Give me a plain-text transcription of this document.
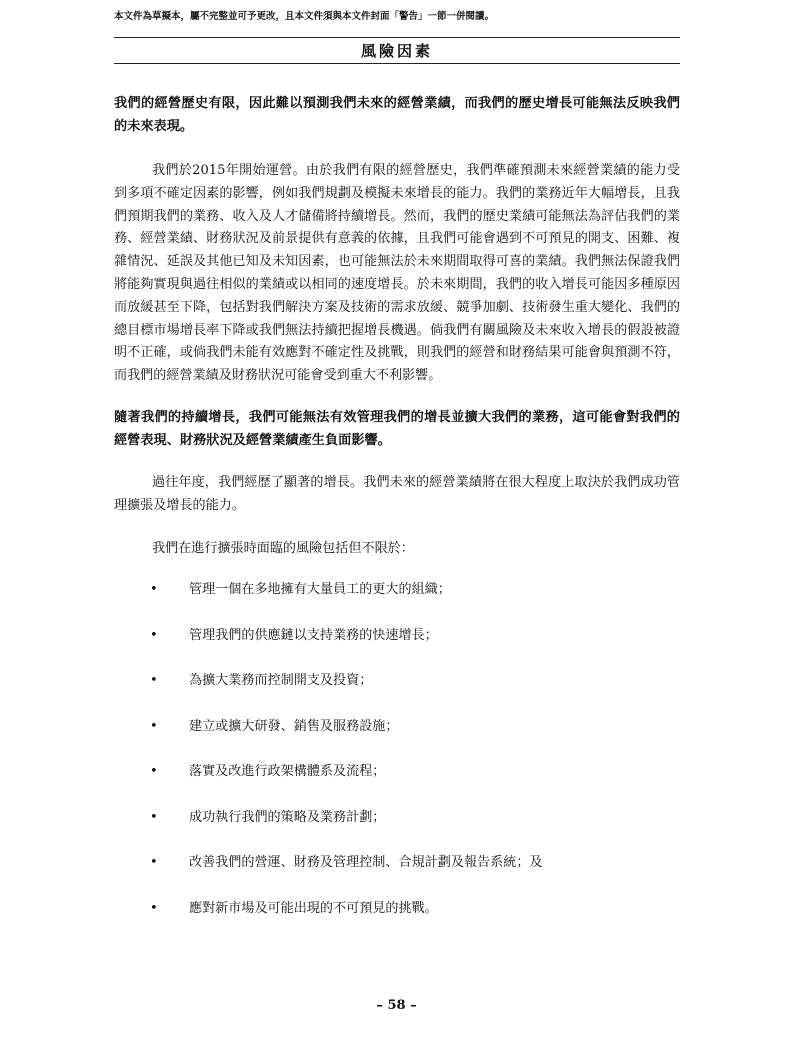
本文件為草擬本，屬不完整並可予更改，且本文件須與本文件封面「警告」一節一併閱讀。
風險因素

我們的經營歷史有限，因此難以預測我們未來的經營業績，而我們的歷史增長可能無法反映我們的未來表現。

我們於2015年開始運營。由於我們有限的經營歷史，我們準確預測未來經營業績的能力受到多項不確定因素的影響，例如我們規劃及模擬未來增長的能力。我們的業務近年大幅增長，且我們預期我們的業務、收入及人才儲備將持續增長。然而，我們的歷史業績可能無法為評估我們的業務、經營業績、財務狀況及前景提供有意義的依據，且我們可能會遇到不可預見的開支、困難、複雜情況、延誤及其他已知及未知因素，也可能無法於未來期間取得可喜的業績。我們無法保證我們將能夠實現與過往相似的業績或以相同的速度增長。於未來期間，我們的收入增長可能因多種原因而放緩甚至下降，包括對我們解決方案及技術的需求放緩、競爭加劇、技術發生重大變化、我們的總目標市場增長率下降或我們無法持續把握增長機遇。倘我們有關風險及未來收入增長的假設被證明不正確，或倘我們未能有效應對不確定性及挑戰，則我們的經營和財務結果可能會與預測不符，而我們的經營業績及財務狀況可能會受到重大不利影響。

隨著我們的持續增長，我們可能無法有效管理我們的增長並擴大我們的業務，這可能會對我們的經營表現、財務狀況及經營業績產生負面影響。

過往年度，我們經歷了顯著的增長。我們未來的經營業績將在很大程度上取決於我們成功管理擴張及增長的能力。

我們在進行擴張時面臨的風險包括但不限於：

• 管理一個在多地擁有大量員工的更大的組織；
• 管理我們的供應鏈以支持業務的快速增長；
• 為擴大業務而控制開支及投資；
• 建立或擴大研發、銷售及服務設施；
• 落實及改進行政架構體系及流程；
• 成功執行我們的策略及業務計劃；
• 改善我們的營運、財務及管理控制、合規計劃及報告系統；及
• 應對新市場及可能出現的不可預見的挑戰。
– 58 –
